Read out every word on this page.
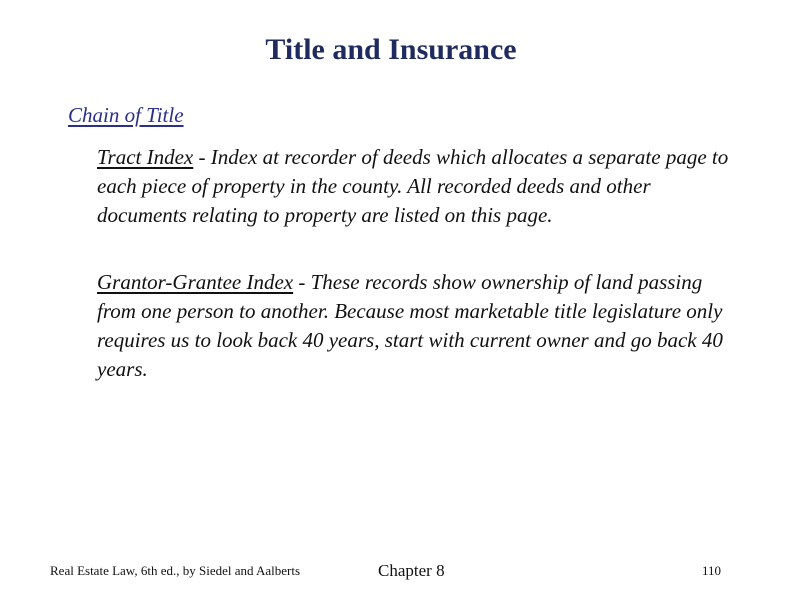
Title and Insurance
Chain of Title
Tract Index - Index at recorder of deeds which allocates a separate page to each piece of property in the county. All recorded deeds and other documents relating to property are listed on this page.
Grantor-Grantee Index - These records show ownership of land passing from one person to another. Because most marketable title legislature only requires us to look back 40 years, start with current owner and go back 40 years.
Real Estate Law, 6th ed., by Siedel and Aalberts	Chapter 8	110
